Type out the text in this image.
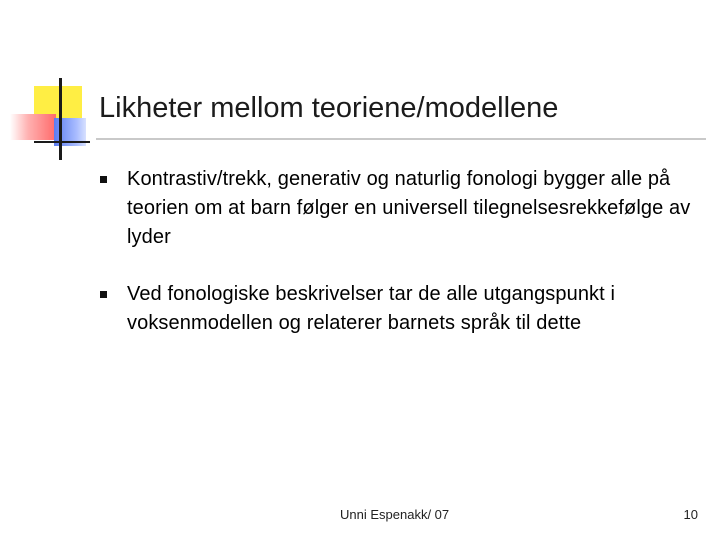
Likheter mellom teoriene/modellene
Kontrastiv/trekk, generativ og naturlig fonologi bygger alle på teorien om at barn følger en universell tilegnelsesrekkefølge av lyder
Ved fonologiske beskrivelser tar de alle utgangspunkt i voksenmodellen og relaterer barnets språk til dette
Unni Espenakk/ 07	10
